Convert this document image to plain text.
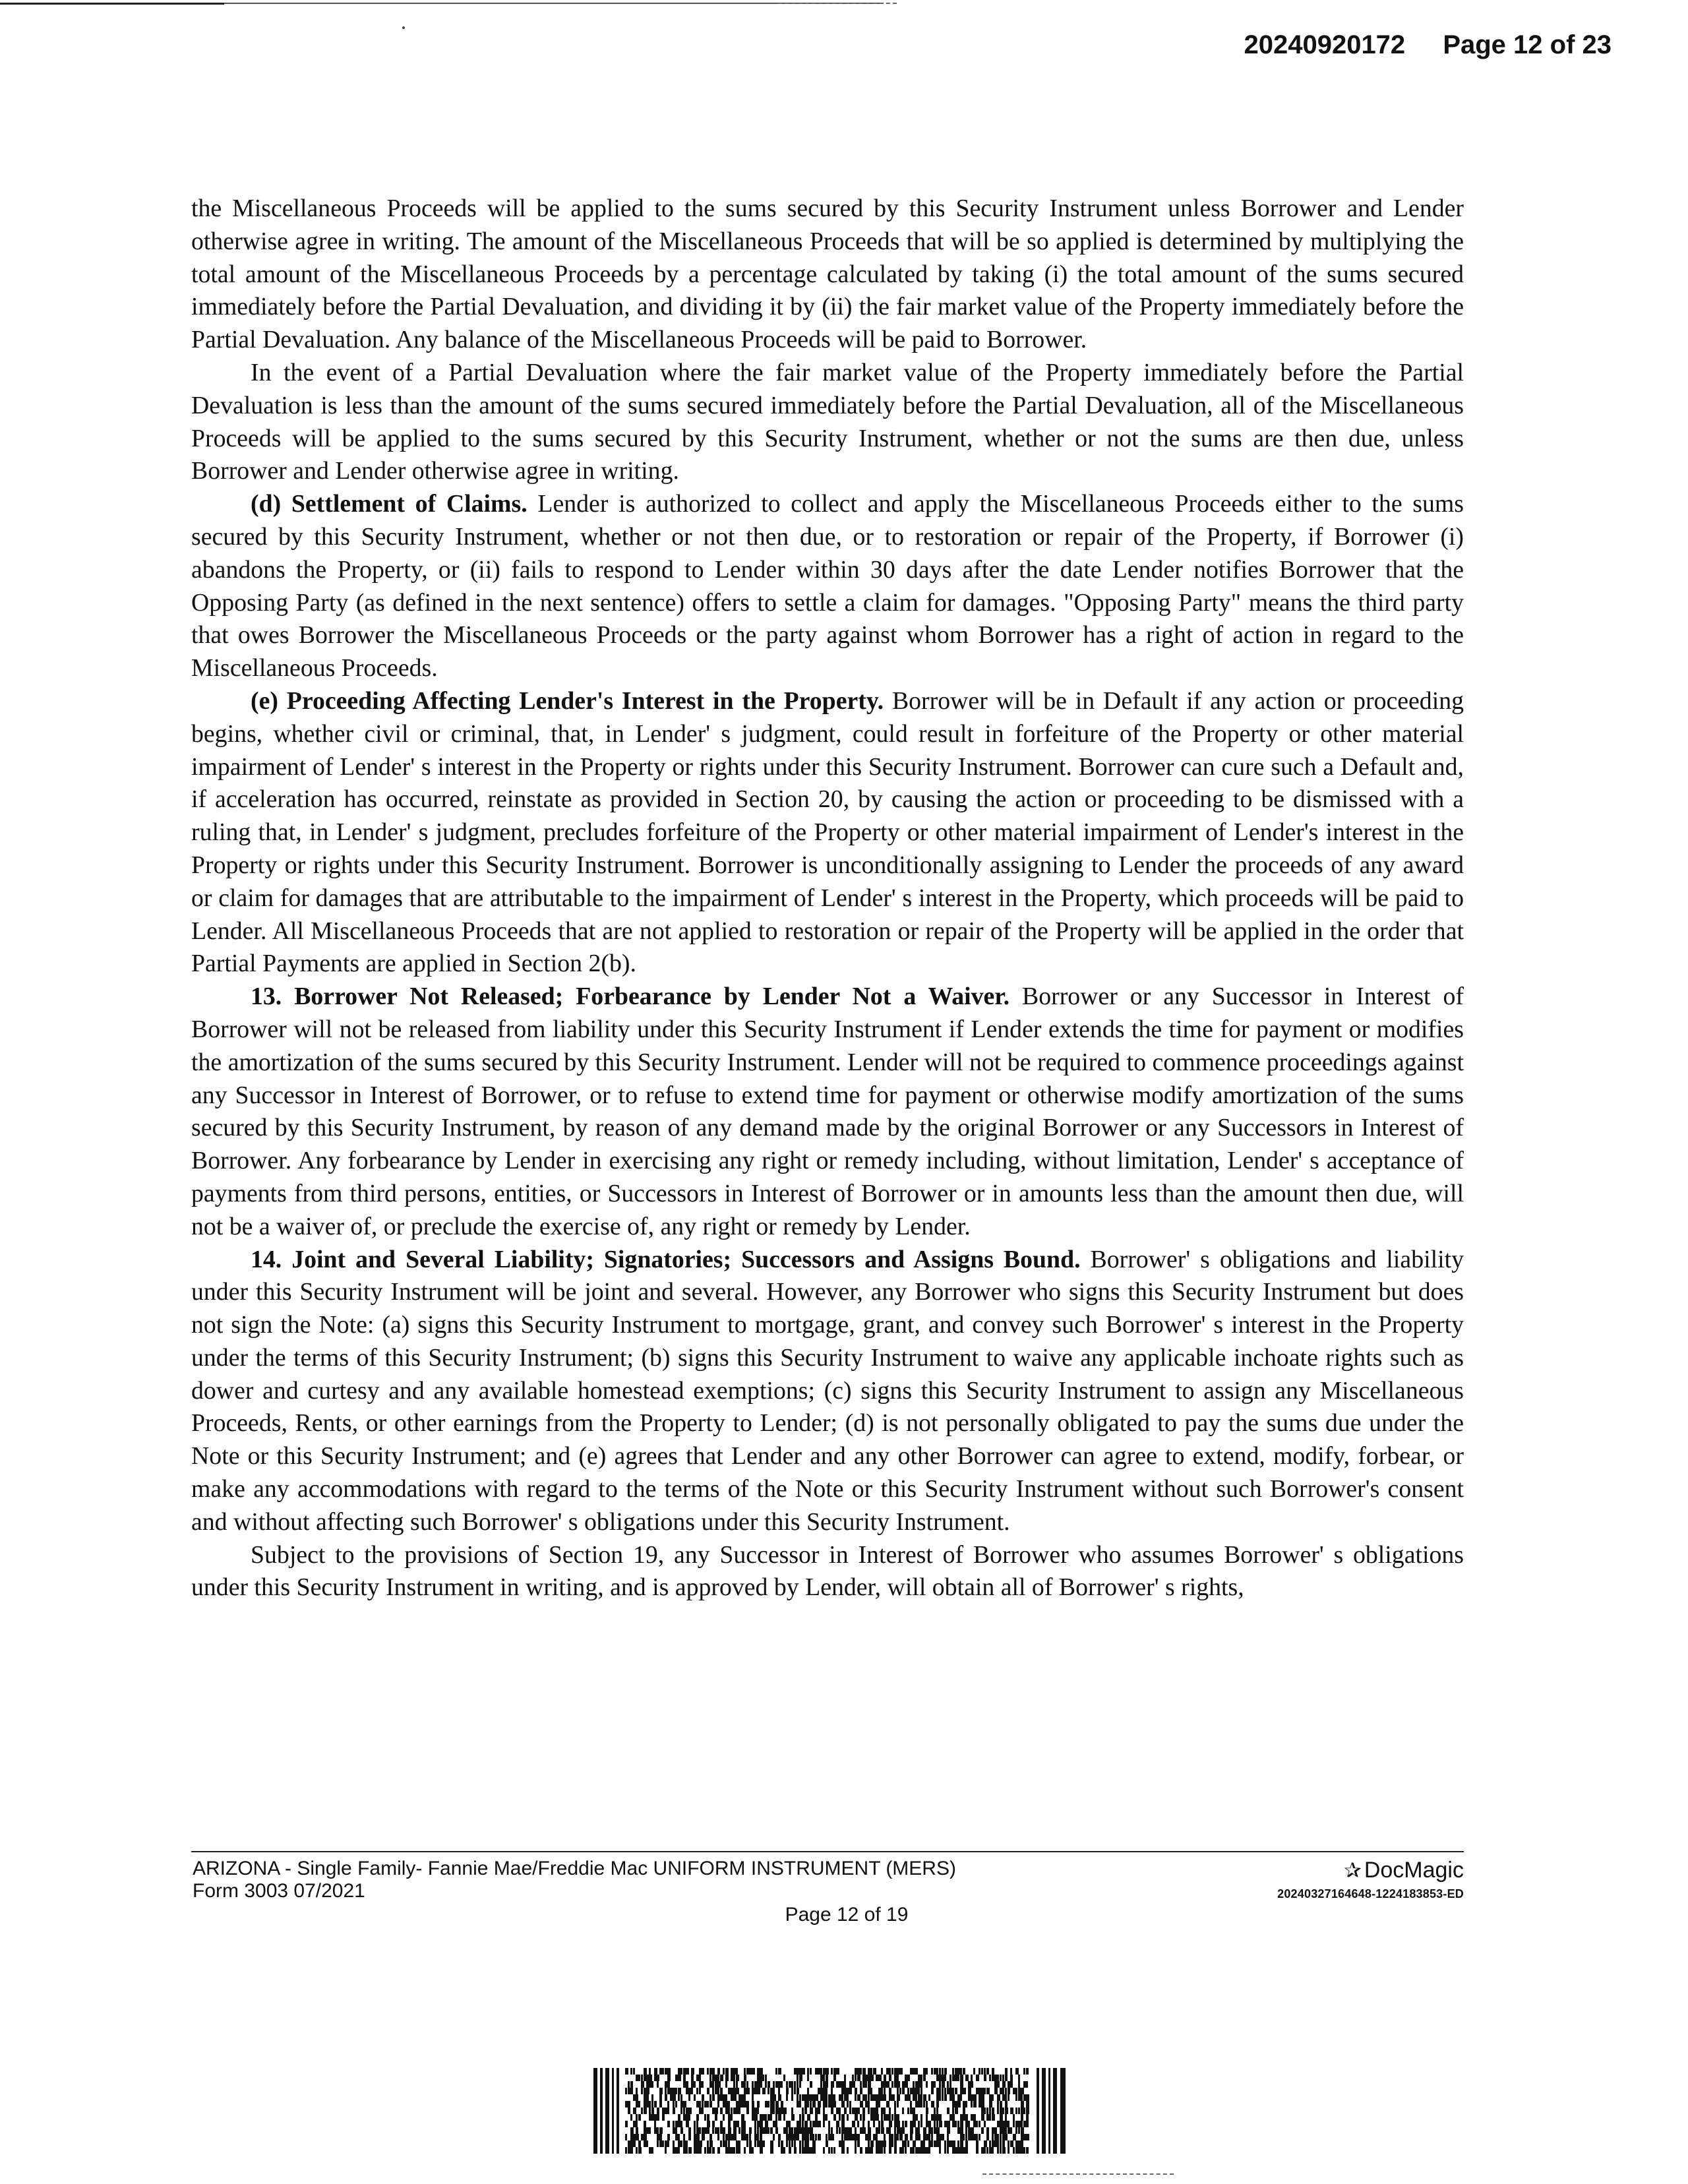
20240920172 Page 12 of 23

the Miscellaneous Proceeds will be applied to the sums secured by this Security Instrument unless Borrower and Lender otherwise agree in writing. The amount of the Miscellaneous Proceeds that will be so applied is determined by multiplying the total amount of the Miscellaneous Proceeds by a percentage calculated by taking (i) the total amount of the sums secured immediately before the Partial Devaluation, and dividing it by (ii) the fair market value of the Property immediately before the Partial Devaluation. Any balance of the Miscellaneous Proceeds will be paid to Borrower.

In the event of a Partial Devaluation where the fair market value of the Property immediately before the Partial Devaluation is less than the amount of the sums secured immediately before the Partial Devaluation, all of the Miscellaneous Proceeds will be applied to the sums secured by this Security Instrument, whether or not the sums are then due, unless Borrower and Lender otherwise agree in writing.

(d) Settlement of Claims. Lender is authorized to collect and apply the Miscellaneous Proceeds either to the sums secured by this Security Instrument, whether or not then due, or to restoration or repair of the Property, if Borrower (i) abandons the Property, or (ii) fails to respond to Lender within 30 days after the date Lender notifies Borrower that the Opposing Party (as defined in the next sentence) offers to settle a claim for damages. "Opposing Party" means the third party that owes Borrower the Miscellaneous Proceeds or the party against whom Borrower has a right of action in regard to the Miscellaneous Proceeds.

(e) Proceeding Affecting Lender's Interest in the Property. Borrower will be in Default if any action or proceeding begins, whether civil or criminal, that, in Lender' s judgment, could result in forfeiture of the Property or other material impairment of Lender' s interest in the Property or rights under this Security Instrument. Borrower can cure such a Default and, if acceleration has occurred, reinstate as provided in Section 20, by causing the action or proceeding to be dismissed with a ruling that, in Lender' s judgment, precludes forfeiture of the Property or other material impairment of Lender's interest in the Property or rights under this Security Instrument. Borrower is unconditionally assigning to Lender the proceeds of any award or claim for damages that are attributable to the impairment of Lender' s interest in the Property, which proceeds will be paid to Lender. All Miscellaneous Proceeds that are not applied to restoration or repair of the Property will be applied in the order that Partial Payments are applied in Section 2(b).

13. Borrower Not Released; Forbearance by Lender Not a Waiver. Borrower or any Successor in Interest of Borrower will not be released from liability under this Security Instrument if Lender extends the time for payment or modifies the amortization of the sums secured by this Security Instrument. Lender will not be required to commence proceedings against any Successor in Interest of Borrower, or to refuse to extend time for payment or otherwise modify amortization of the sums secured by this Security Instrument, by reason of any demand made by the original Borrower or any Successors in Interest of Borrower. Any forbearance by Lender in exercising any right or remedy including, without limitation, Lender' s acceptance of payments from third persons, entities, or Successors in Interest of Borrower or in amounts less than the amount then due, will not be a waiver of, or preclude the exercise of, any right or remedy by Lender.

14. Joint and Several Liability; Signatories; Successors and Assigns Bound. Borrower' s obligations and liability under this Security Instrument will be joint and several. However, any Borrower who signs this Security Instrument but does not sign the Note: (a) signs this Security Instrument to mortgage, grant, and convey such Borrower' s interest in the Property under the terms of this Security Instrument; (b) signs this Security Instrument to waive any applicable inchoate rights such as dower and curtesy and any available homestead exemptions; (c) signs this Security Instrument to assign any Miscellaneous Proceeds, Rents, or other earnings from the Property to Lender; (d) is not personally obligated to pay the sums due under the Note or this Security Instrument; and (e) agrees that Lender and any other Borrower can agree to extend, modify, forbear, or make any accommodations with regard to the terms of the Note or this Security Instrument without such Borrower's consent and without affecting such Borrower' s obligations under this Security Instrument.

Subject to the provisions of Section 19, any Successor in Interest of Borrower who assumes Borrower' s obligations under this Security Instrument in writing, and is approved by Lender, will obtain all of Borrower' s rights,

ARIZONA - Single Family- Fannie Mae/Freddie Mac UNIFORM INSTRUMENT (MERS)
Form 3003 07/2021
Page 12 of 19
✰ DocMagic
20240327164648-1224183853-ED
